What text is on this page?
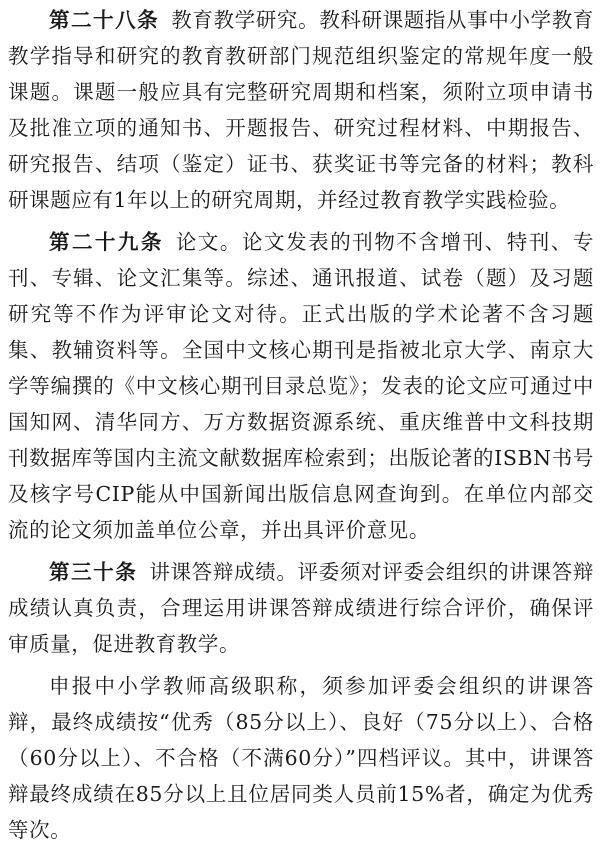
第二十八条 教育教学研究。教科研课题指从事中小学教育教学指导和研究的教育教研部门规范组织鉴定的常规年度一般课题。课题一般应具有完整研究周期和档案，须附立项申请书及批准立项的通知书、开题报告、研究过程材料、中期报告、研究报告、结项（鉴定）证书、获奖证书等完备的材料；教科研课题应有1年以上的研究周期，并经过教育教学实践检验。

第二十九条 论文。论文发表的刊物不含增刊、特刊、专刊、专辑、论文汇集等。综述、通讯报道、试卷（题）及习题研究等不作为评审论文对待。正式出版的学术论著不含习题集、教辅资料等。全国中文核心期刊是指被北京大学、南京大学等编撰的《中文核心期刊目录总览》；发表的论文应可通过中国知网、清华同方、万方数据资源系统、重庆维普中文科技期刊数据库等国内主流文献数据库检索到；出版论著的ISBN书号及核字号CIP能从中国新闻出版信息网查询到。在单位内部交流的论文须加盖单位公章，并出具评价意见。

第三十条 讲课答辩成绩。评委须对评委会组织的讲课答辩成绩认真负责，合理运用讲课答辩成绩进行综合评价，确保评审质量，促进教育教学。

申报中小学教师高级职称，须参加评委会组织的讲课答辩，最终成绩按“优秀（85分以上）、良好（75分以上）、合格（60分以上）、不合格（不满60分）”四档评议。其中，讲课答辩最终成绩在85分以上且位居同类人员前15%者，确定为优秀等次。
